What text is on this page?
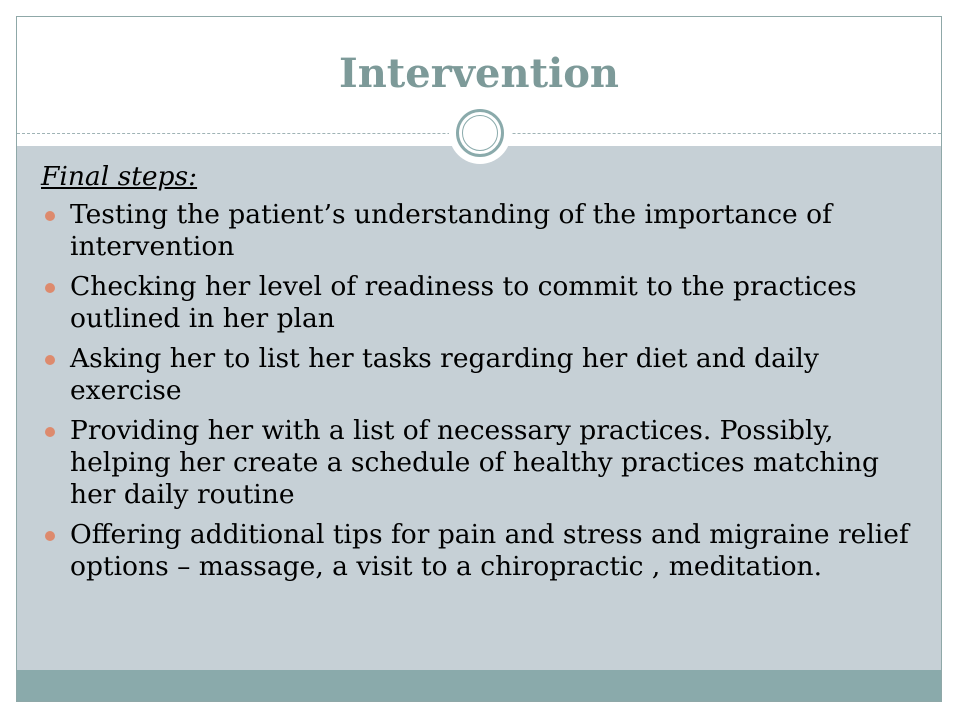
Intervention
Final steps:
Testing the patient’s understanding of the importance of intervention
Checking her level of readiness to commit to the practices outlined in her plan
Asking her to list her tasks regarding her diet and daily exercise
Providing her with a list of necessary practices. Possibly, helping her create a schedule of healthy practices matching her daily routine
Offering additional tips for pain and stress and migraine relief options – massage, a visit to a chiropractic , meditation.
